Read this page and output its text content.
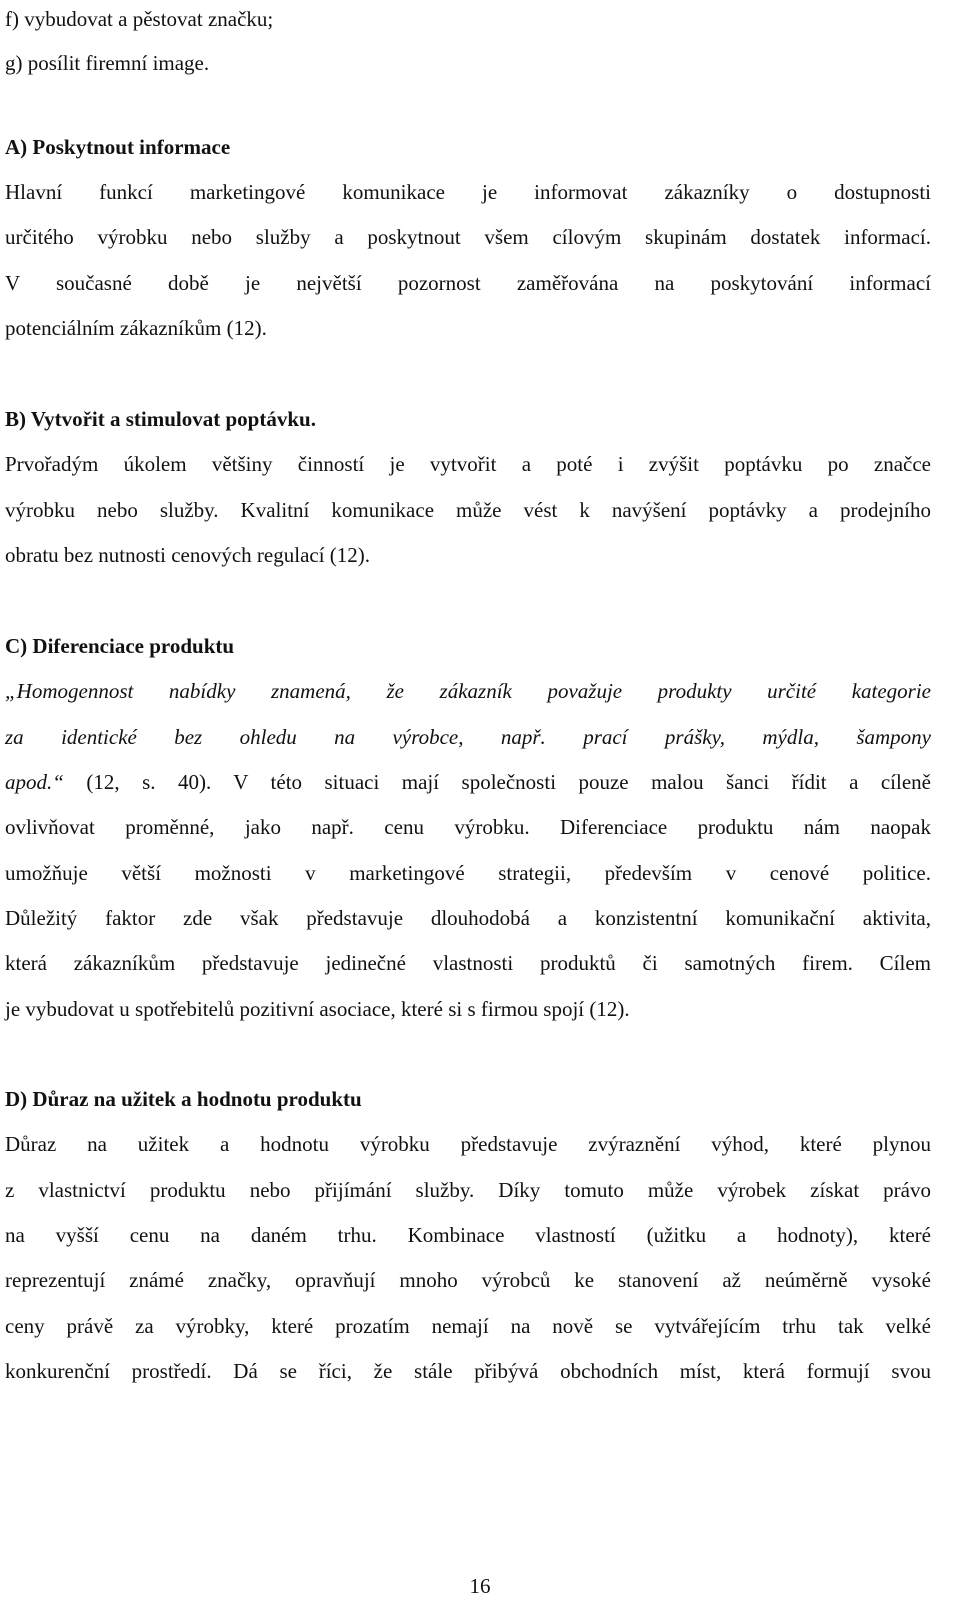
f) vybudovat a pěstovat značku;
g) posílit firemní image.
A) Poskytnout informace
Hlavní funkcí marketingové komunikace je informovat zákazníky o dostupnosti
určitého výrobku nebo služby a poskytnout všem cílovým skupinám dostatek informací.
V současné době je největší pozornost zaměřována na poskytování informací
potenciálním zákazníkům (12).
B) Vytvořit a stimulovat poptávku.
Prvořadým úkolem většiny činností je vytvořit a poté i zvýšit poptávku po značce
výrobku nebo služby. Kvalitní komunikace může vést k navýšení poptávky a prodejního
obratu bez nutnosti cenových regulací (12).
C) Diferenciace produktu
„Homogennost nabídky znamená, že zákazník považuje produkty určité kategorie
za identické bez ohledu na výrobce, např. prací prášky, mýdla, šampony
apod.“ (12, s. 40). V této situaci mají společnosti pouze malou šanci řídit a cíleně
ovlivňovat proměnné, jako např. cenu výrobku. Diferenciace produktu nám naopak
umožňuje větší možnosti v marketingové strategii, především v cenové politice.
Důležitý faktor zde však představuje dlouhodobá a konzistentní komunikační aktivita,
která zákazníkům představuje jedinečné vlastnosti produktů či samotných firem. Cílem
je vybudovat u spotřebitelů pozitivní asociace, které si s firmou spojí (12).
D) Důraz na užitek a hodnotu produktu
Důraz na užitek a hodnotu výrobku představuje zvýraznění výhod, které plynou
z vlastnictví produktu nebo přijímání služby. Díky tomuto může výrobek získat právo
na vyšší cenu na daném trhu. Kombinace vlastností (užitku a hodnoty), které
reprezentují známé značky, opravňují mnoho výrobců ke stanovení až neúměrně vysoké
ceny právě za výrobky, které prozatím nemají na nově se vytvářejícím trhu tak velké
konkurenční prostředí. Dá se říci, že stále přibývá obchodních míst, která formují svou
16
